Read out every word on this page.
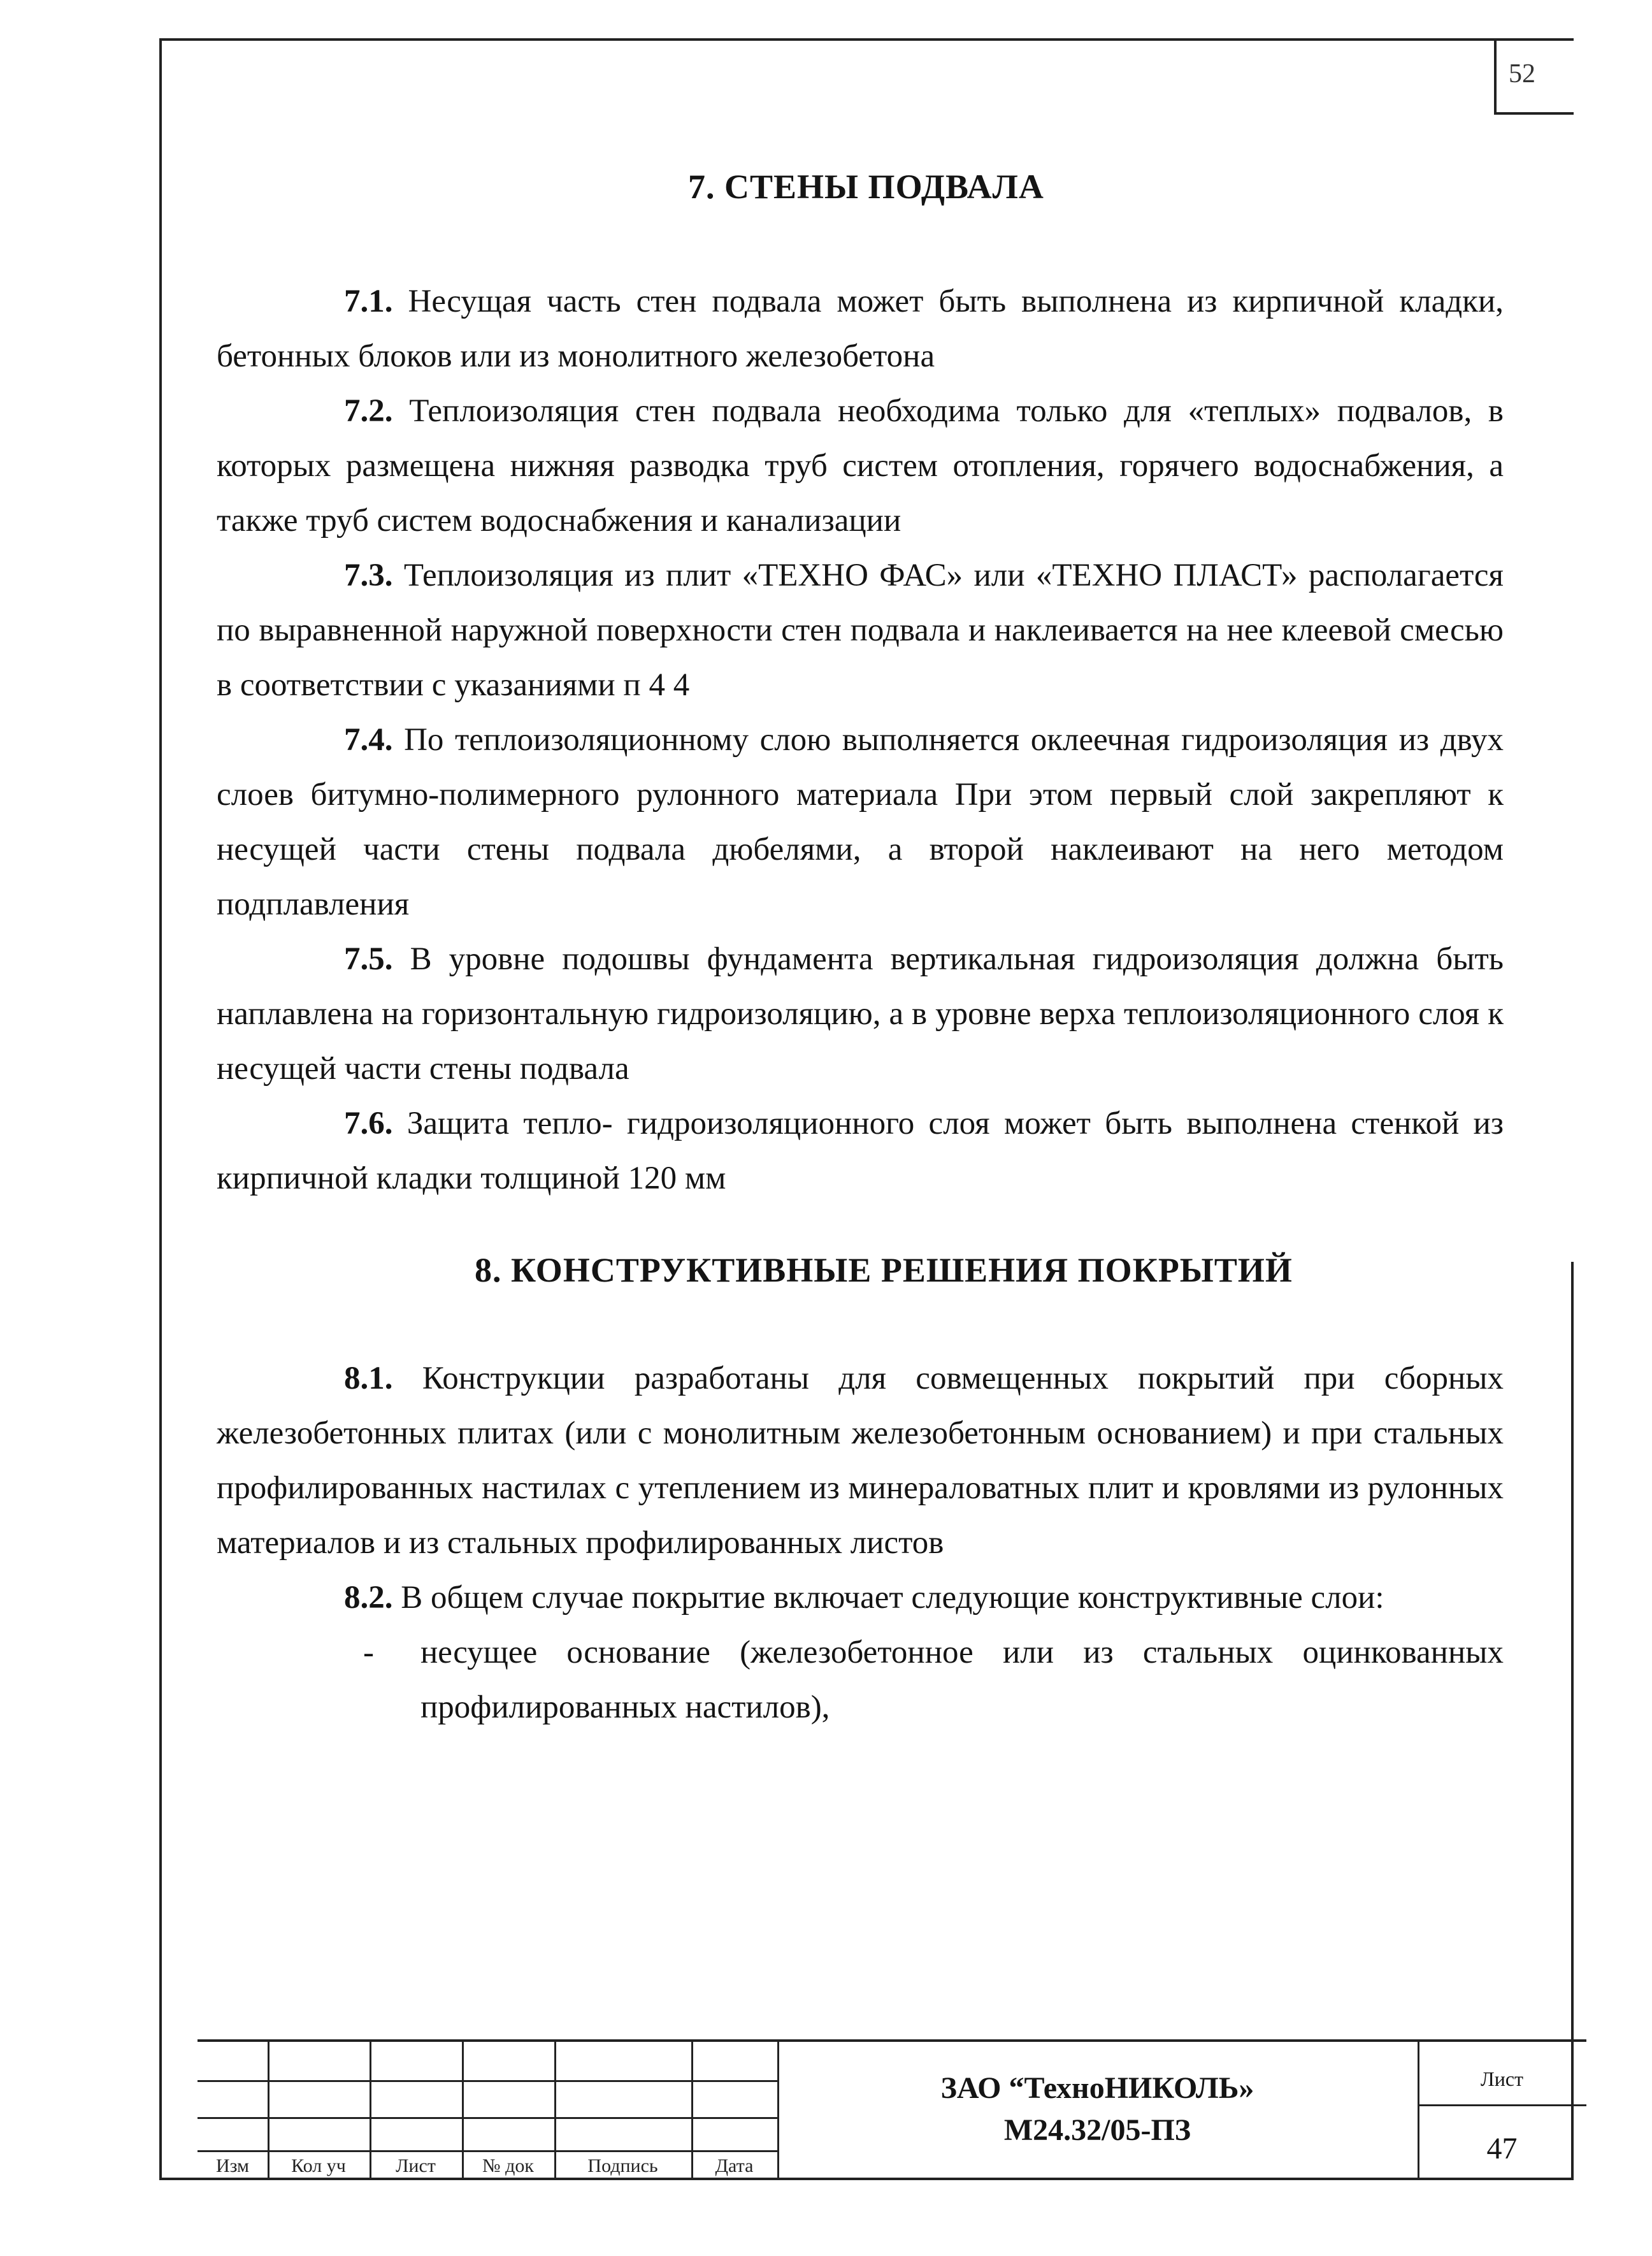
52
7. СТЕНЫ ПОДВАЛА

7.1. Несущая часть стен подвала может быть выполнена из кирпичной кладки, бетонных блоков или из монолитного железобетона

7.2. Теплоизоляция стен подвала необходима только для «теплых» подвалов, в которых размещена нижняя разводка труб систем отопления, горячего водоснабжения, а также труб систем водоснабжения и канализации

7.3. Теплоизоляция из плит «ТЕХНО ФАС» или «ТЕХНО ПЛАСТ» располагается по выравненной наружной поверхности стен подвала и наклеивается на нее клеевой смесью в соответствии с указаниями п 4 4

7.4. По теплоизоляционному слою выполняется оклеечная гидроизоляция из двух слоев битумно-полимерного рулонного материала При этом первый слой закрепляют к несущей части стены подвала дюбелями, а второй наклеивают на него методом подплавления

7.5. В уровне подошвы фундамента вертикальная гидроизоляция должна быть наплавлена на горизонтальную гидроизоляцию, а в уровне верха теплоизоляционного слоя к несущей части стены подвала

7.6. Защита тепло- гидроизоляционного слоя может быть выполнена стенкой из кирпичной кладки толщиной 120 мм

8. КОНСТРУКТИВНЫЕ РЕШЕНИЯ ПОКРЫТИЙ

8.1. Конструкции разработаны для совмещенных покрытий при сборных железобетонных плитах (или с монолитным железобетонным основанием) и при стальных профилированных настилах с утеплением из минераловатных плит и кровлями из рулонных материалов и из стальных профилированных листов

8.2. В общем случае покрытие включает следующие конструктивные слои:

- несущее основание (железобетонное или из стальных оцинкованных профилированных настилов),

Изм	Кол уч	Лист	№ док	Подпись	Дата
ЗАО “ТехноНИКОЛЬ»
М24.32/05-ПЗ
Лист
47
